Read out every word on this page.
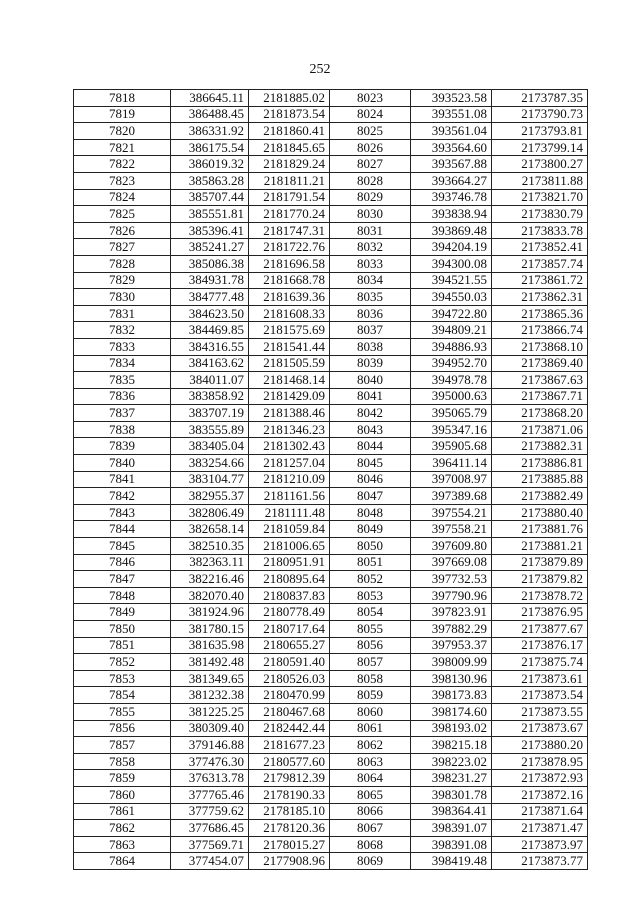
252
7818	386645.11	2181885.02	8023	393523.58	2173787.35
7819	386488.45	2181873.54	8024	393551.08	2173790.73
7820	386331.92	2181860.41	8025	393561.04	2173793.81
7821	386175.54	2181845.65	8026	393564.60	2173799.14
7822	386019.32	2181829.24	8027	393567.88	2173800.27
7823	385863.28	2181811.21	8028	393664.27	2173811.88
7824	385707.44	2181791.54	8029	393746.78	2173821.70
7825	385551.81	2181770.24	8030	393838.94	2173830.79
7826	385396.41	2181747.31	8031	393869.48	2173833.78
7827	385241.27	2181722.76	8032	394204.19	2173852.41
7828	385086.38	2181696.58	8033	394300.08	2173857.74
7829	384931.78	2181668.78	8034	394521.55	2173861.72
7830	384777.48	2181639.36	8035	394550.03	2173862.31
7831	384623.50	2181608.33	8036	394722.80	2173865.36
7832	384469.85	2181575.69	8037	394809.21	2173866.74
7833	384316.55	2181541.44	8038	394886.93	2173868.10
7834	384163.62	2181505.59	8039	394952.70	2173869.40
7835	384011.07	2181468.14	8040	394978.78	2173867.63
7836	383858.92	2181429.09	8041	395000.63	2173867.71
7837	383707.19	2181388.46	8042	395065.79	2173868.20
7838	383555.89	2181346.23	8043	395347.16	2173871.06
7839	383405.04	2181302.43	8044	395905.68	2173882.31
7840	383254.66	2181257.04	8045	396411.14	2173886.81
7841	383104.77	2181210.09	8046	397008.97	2173885.88
7842	382955.37	2181161.56	8047	397389.68	2173882.49
7843	382806.49	2181111.48	8048	397554.21	2173880.40
7844	382658.14	2181059.84	8049	397558.21	2173881.76
7845	382510.35	2181006.65	8050	397609.80	2173881.21
7846	382363.11	2180951.91	8051	397669.08	2173879.89
7847	382216.46	2180895.64	8052	397732.53	2173879.82
7848	382070.40	2180837.83	8053	397790.96	2173878.72
7849	381924.96	2180778.49	8054	397823.91	2173876.95
7850	381780.15	2180717.64	8055	397882.29	2173877.67
7851	381635.98	2180655.27	8056	397953.37	2173876.17
7852	381492.48	2180591.40	8057	398009.99	2173875.74
7853	381349.65	2180526.03	8058	398130.96	2173873.61
7854	381232.38	2180470.99	8059	398173.83	2173873.54
7855	381225.25	2180467.68	8060	398174.60	2173873.55
7856	380309.40	2182442.44	8061	398193.02	2173873.67
7857	379146.88	2181677.23	8062	398215.18	2173880.20
7858	377476.30	2180577.60	8063	398223.02	2173878.95
7859	376313.78	2179812.39	8064	398231.27	2173872.93
7860	377765.46	2178190.33	8065	398301.78	2173872.16
7861	377759.62	2178185.10	8066	398364.41	2173871.64
7862	377686.45	2178120.36	8067	398391.07	2173871.47
7863	377569.71	2178015.27	8068	398391.08	2173873.97
7864	377454.07	2177908.96	8069	398419.48	2173873.77
